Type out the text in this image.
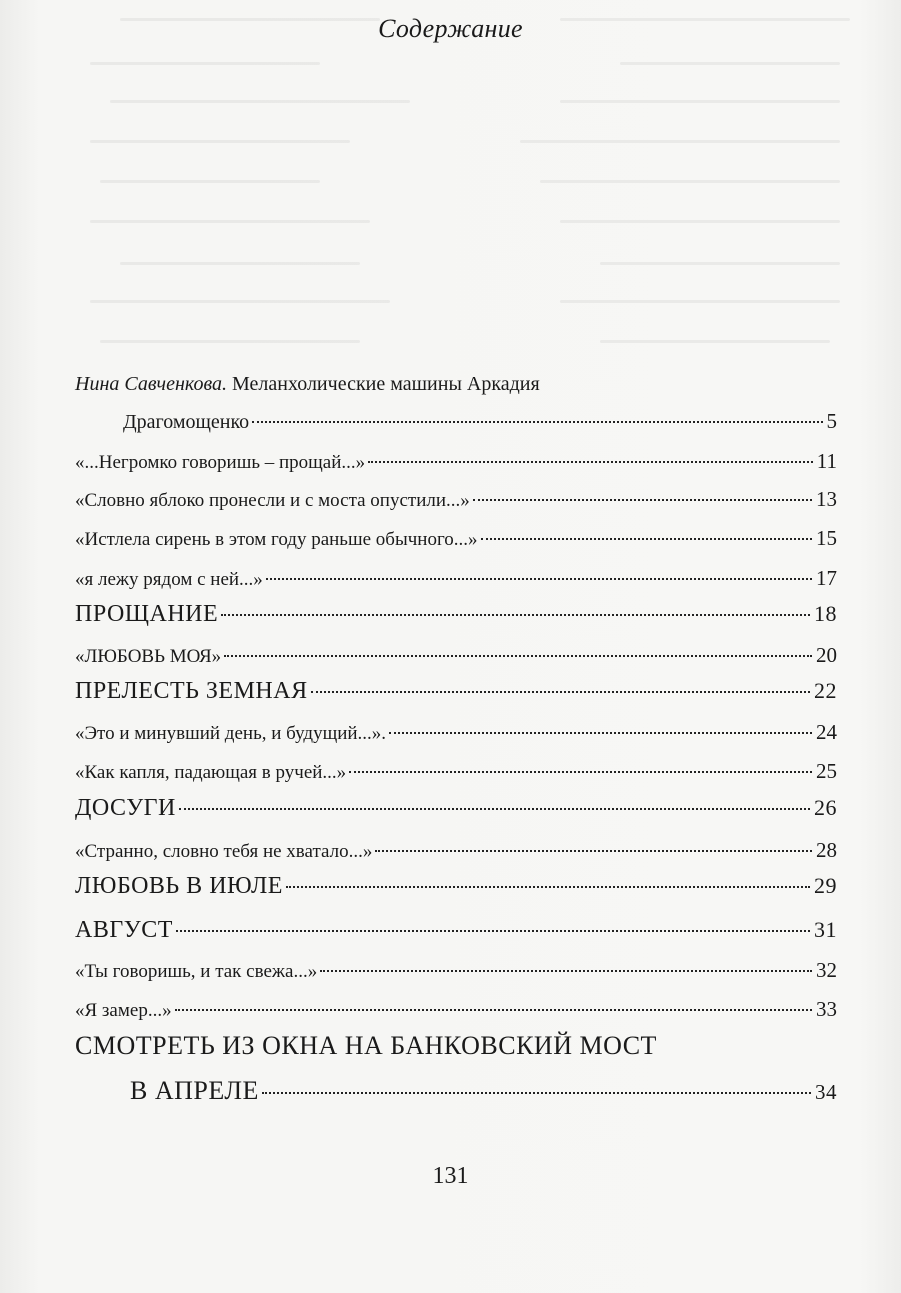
Содержание
Нина Савченкова. Меланхолические машины Аркадия
Драгомощенко	5
«...Негромко говоришь – прощай...»	11
«Словно яблоко пронесли и с моста опустили...»	13
«Истлела сирень в этом году раньше обычного...»	15
«я лежу рядом с ней...»	17
ПРОЩАНИЕ	18
«ЛЮБОВЬ МОЯ»	20
ПРЕЛЕСТЬ ЗЕМНАЯ	22
«Это и минувший день, и будущий...».	24
«Как капля, падающая в ручей...»	25
ДОСУГИ	26
«Странно, словно тебя не хватало...»	28
ЛЮБОВЬ В ИЮЛЕ	29
АВГУСТ	31
«Ты говоришь, и так свежа...»	32
«Я замер...»	33
СМОТРЕТЬ ИЗ ОКНА НА БАНКОВСКИЙ МОСТ
В АПРЕЛЕ	34
131
